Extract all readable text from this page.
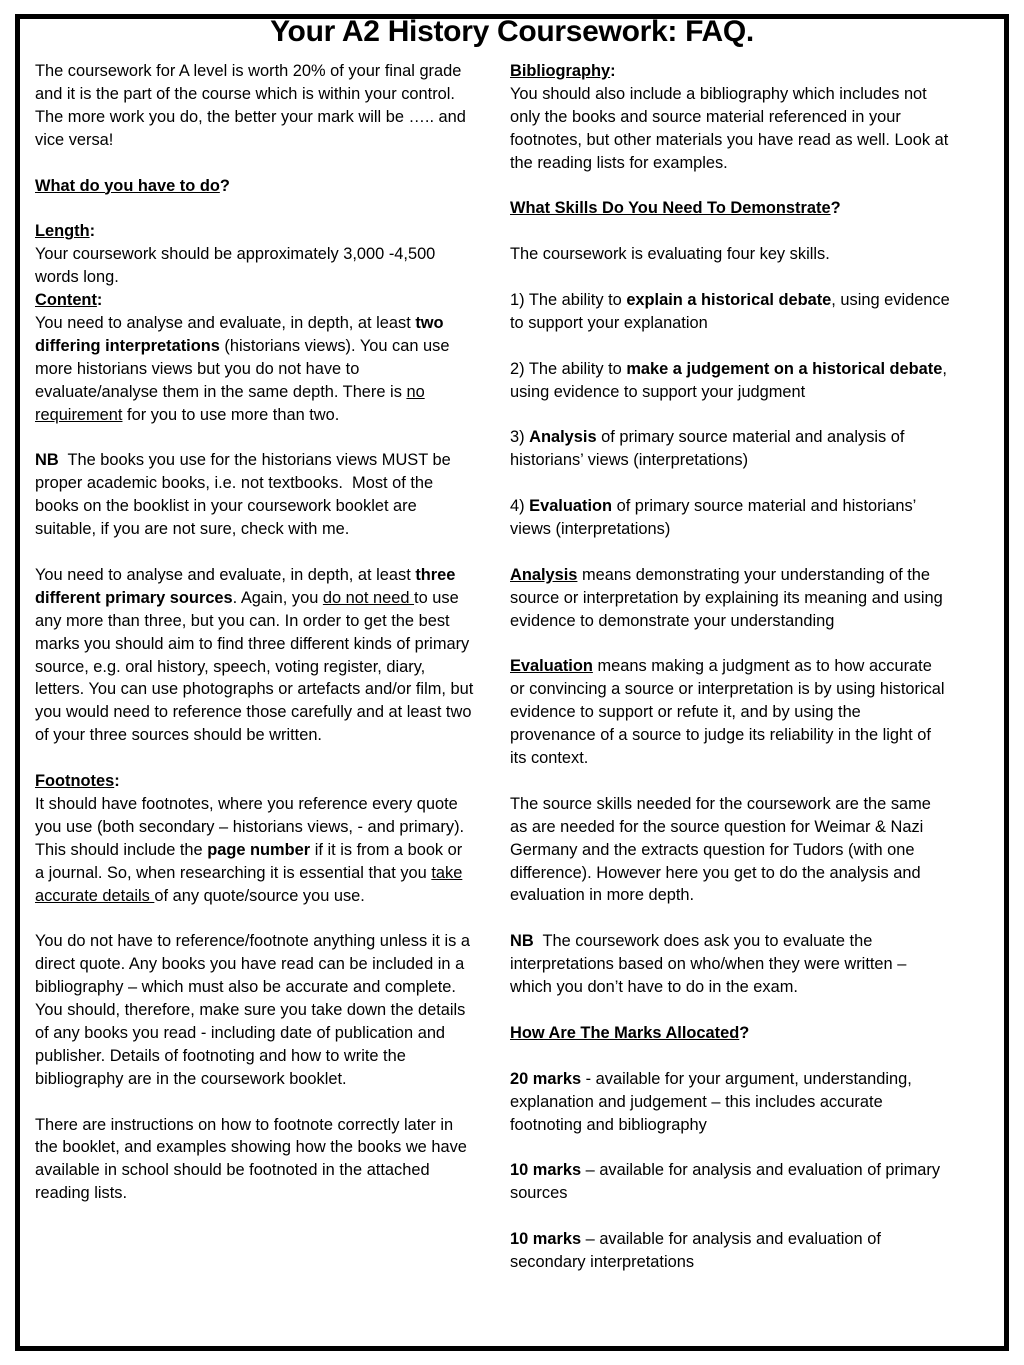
Your A2 History Coursework: FAQ.

The coursework for A level is worth 20% of your final grade and it is the part of the course which is within your control. The more work you do, the better your mark will be ….. and vice versa!

What do you have to do?

Length:

Your coursework should be approximately 3,000 -4,500 words long.

Content:

You need to analyse and evaluate, in depth, at least two differing interpretations (historians views). You can use more historians views but you do not have to evaluate/analyse them in the same depth. There is no requirement for you to use more than two.

NB  The books you use for the historians views MUST be proper academic books, i.e. not textbooks.  Most of the books on the booklist in your coursework booklet are suitable, if you are not sure, check with me.

You need to analyse and evaluate, in depth, at least three different primary sources. Again, you do not need to use any more than three, but you can. In order to get the best marks you should aim to find three different kinds of primary source, e.g. oral history, speech, voting register, diary, letters. You can use photographs or artefacts and/or film, but you would need to reference those carefully and at least two of your three sources should be written.

Footnotes:

It should have footnotes, where you reference every quote you use (both secondary – historians views, - and primary). This should include the page number if it is from a book or a journal. So, when researching it is essential that you take accurate details of any quote/source you use.

You do not have to reference/footnote anything unless it is a direct quote. Any books you have read can be included in a bibliography – which must also be accurate and complete. You should, therefore, make sure you take down the details of any books you read - including date of publication and publisher. Details of footnoting and how to write the bibliography are in the coursework booklet.

There are instructions on how to footnote correctly later in the booklet, and examples showing how the books we have available in school should be footnoted in the attached reading lists.

Bibliography:

You should also include a bibliography which includes not only the books and source material referenced in your footnotes, but other materials you have read as well. Look at the reading lists for examples.

What Skills Do You Need To Demonstrate?

The coursework is evaluating four key skills.

1) The ability to explain a historical debate, using evidence to support your explanation

2) The ability to make a judgement on a historical debate, using evidence to support your judgment

3) Analysis of primary source material and analysis of historians’ views (interpretations)

4) Evaluation of primary source material and historians’ views (interpretations)

Analysis means demonstrating your understanding of the source or interpretation by explaining its meaning and using evidence to demonstrate your understanding

Evaluation means making a judgment as to how accurate or convincing a source or interpretation is by using historical evidence to support or refute it, and by using the provenance of a source to judge its reliability in the light of its context.

The source skills needed for the coursework are the same as are needed for the source question for Weimar & Nazi Germany and the extracts question for Tudors (with one difference). However here you get to do the analysis and evaluation in more depth.

NB  The coursework does ask you to evaluate the interpretations based on who/when they were written – which you don’t have to do in the exam.

How Are The Marks Allocated?

20 marks - available for your argument, understanding, explanation and judgement – this includes accurate footnoting and bibliography

10 marks – available for analysis and evaluation of primary sources

10 marks – available for analysis and evaluation of secondary interpretations
